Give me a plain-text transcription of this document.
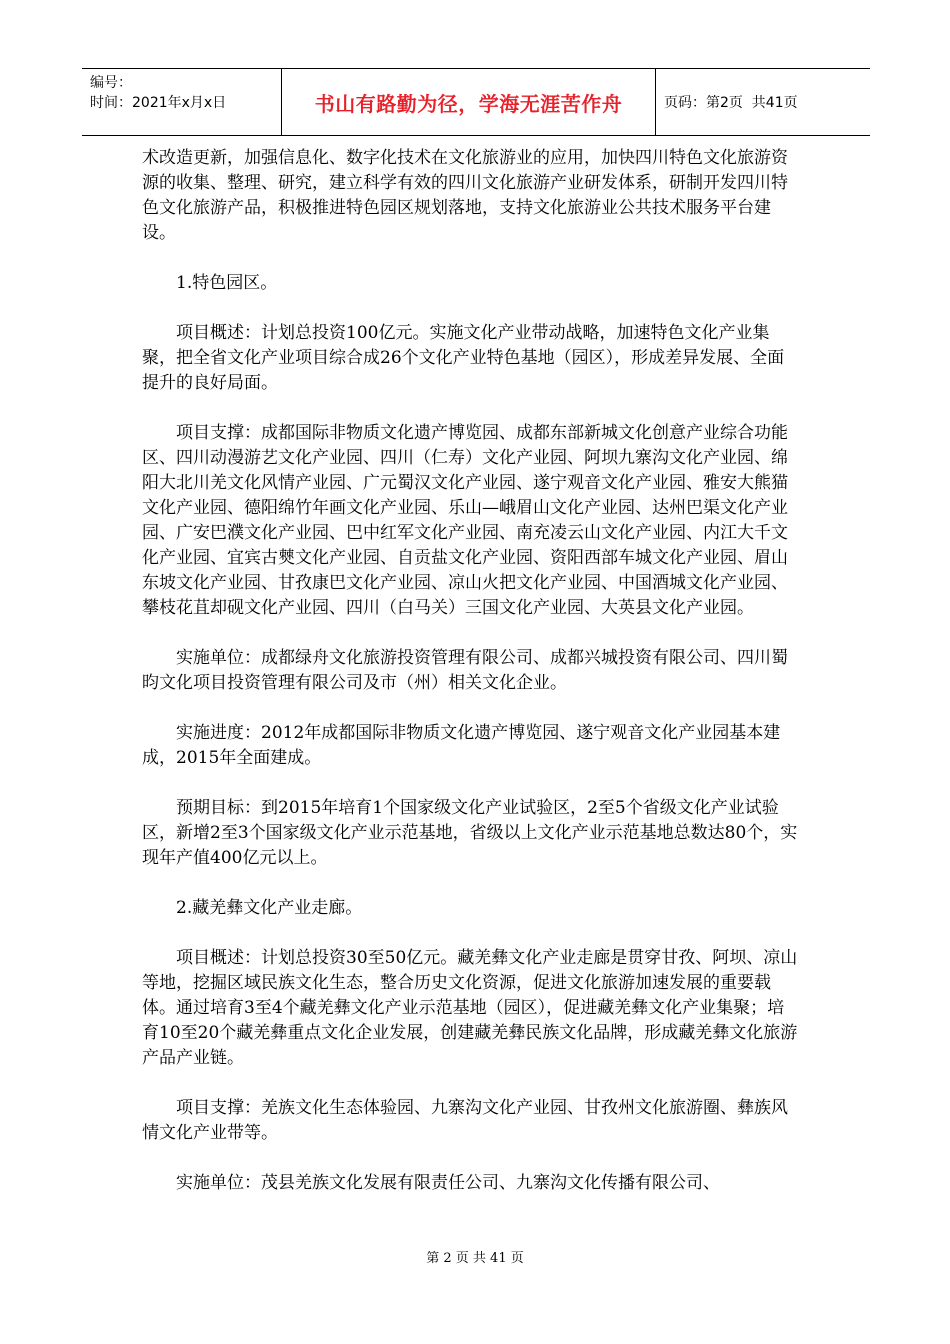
编号：
时间：2021年x月x日	书山有路勤为径，学海无涯苦作舟	页码：第2页  共41页

术改造更新，加强信息化、数字化技术在文化旅游业的应用，加快四川特色文化旅游资源的收集、整理、研究，建立科学有效的四川文化旅游产业研发体系，研制开发四川特色文化旅游产品，积极推进特色园区规划落地，支持文化旅游业公共技术服务平台建设。

1.特色园区。

项目概述：计划总投资100亿元。实施文化产业带动战略，加速特色文化产业集聚，把全省文化产业项目综合成26个文化产业特色基地（园区），形成差异发展、全面提升的良好局面。

项目支撑：成都国际非物质文化遗产博览园、成都东部新城文化创意产业综合功能区、四川动漫游艺文化产业园、四川（仁寿）文化产业园、阿坝九寨沟文化产业园、绵阳大北川羌文化风情产业园、广元蜀汉文化产业园、遂宁观音文化产业园、雅安大熊猫文化产业园、德阳绵竹年画文化产业园、乐山—峨眉山文化产业园、达州巴渠文化产业园、广安巴濮文化产业园、巴中红军文化产业园、南充凌云山文化产业园、内江大千文化产业园、宜宾古僰文化产业园、自贡盐文化产业园、资阳西部车城文化产业园、眉山东坡文化产业园、甘孜康巴文化产业园、凉山火把文化产业园、中国酒城文化产业园、攀枝花苴却砚文化产业园、四川（白马关）三国文化产业园、大英县文化产业园。

实施单位：成都绿舟文化旅游投资管理有限公司、成都兴城投资有限公司、四川蜀昀文化项目投资管理有限公司及市（州）相关文化企业。

实施进度：2012年成都国际非物质文化遗产博览园、遂宁观音文化产业园基本建成，2015年全面建成。

预期目标：到2015年培育1个国家级文化产业试验区，2至5个省级文化产业试验区，新增2至3个国家级文化产业示范基地，省级以上文化产业示范基地总数达80个，实现年产值400亿元以上。

2.藏羌彝文化产业走廊。

项目概述：计划总投资30至50亿元。藏羌彝文化产业走廊是贯穿甘孜、阿坝、凉山等地，挖掘区域民族文化生态，整合历史文化资源，促进文化旅游加速发展的重要载体。通过培育3至4个藏羌彝文化产业示范基地（园区），促进藏羌彝文化产业集聚；培育10至20个藏羌彝重点文化企业发展，创建藏羌彝民族文化品牌，形成藏羌彝文化旅游产品产业链。

项目支撑：羌族文化生态体验园、九寨沟文化产业园、甘孜州文化旅游圈、彝族风情文化产业带等。

实施单位：茂县羌族文化发展有限责任公司、九寨沟文化传播有限公司、

第 2 页 共 41 页
